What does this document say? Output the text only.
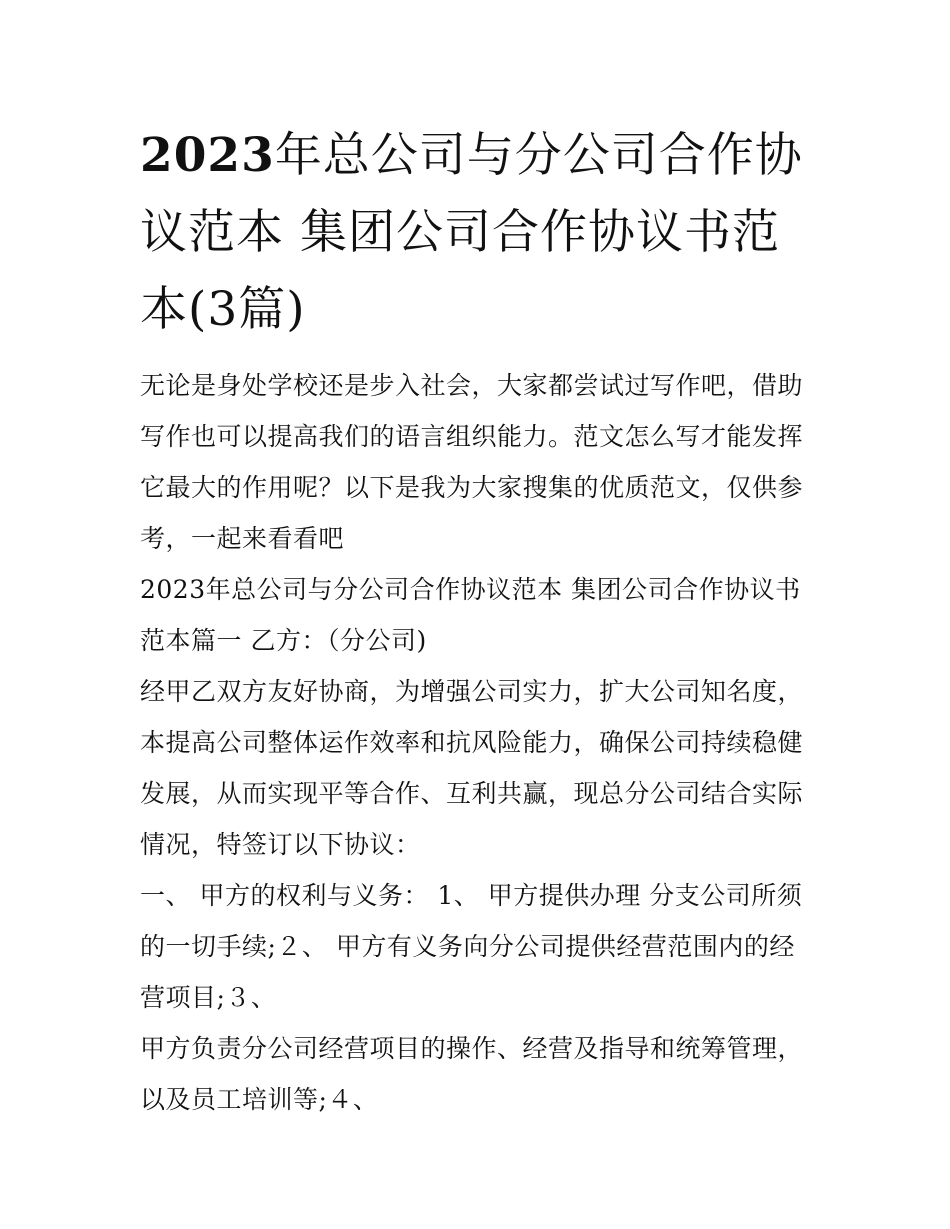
2023年总公司与分公司合作协议范本 集团公司合作协议书范本(3篇)

无论是身处学校还是步入社会，大家都尝试过写作吧，借助写作也可以提高我们的语言组织能力。范文怎么写才能发挥它最大的作用呢？以下是我为大家搜集的优质范文，仅供参考，一起来看看吧

2023年总公司与分公司合作协议范本 集团公司合作协议书范本篇一 乙方：（分公司)

经甲乙双方友好协商，为增强公司实力，扩大公司知名度，本提高公司整体运作效率和抗风险能力，确保公司持续稳健发展，从而实现平等合作、互利共赢，现总分公司结合实际情况，特签订以下协议：

一、 甲方的权利与义务： 1、 甲方提供办理 分支公司所须的一切手续;２、 甲方有义务向分公司提供经营范围内的经营项目;３、

甲方负责分公司经营项目的操作、经营及指导和统筹管理，以及员工培训等;４、
